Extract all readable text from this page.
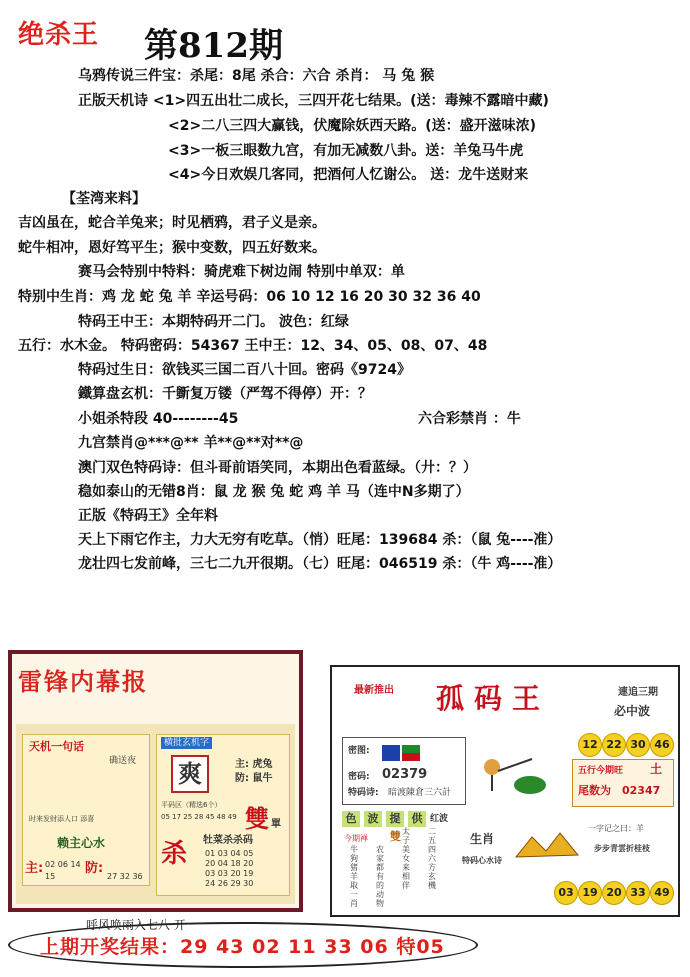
绝杀王 第812期
乌鸦传说三件宝：杀尾：8尾 杀合：六合 杀肖： 马 兔 猴
正版天机诗 <1>四五出壮二成长，三四开花七结果。(送：毒辣不露暗中藏)
<2>二八三四大赢钱，伏魔除妖西天路。(送：盛开滋味浓)
<3>一板三眼数九宫，有加无减数八卦。送：羊兔马牛虎
<4>今日欢娱几客同，把酒何人忆谢公。 送：龙牛送财来
【荃湾来料】
吉凶虽在，蛇合羊兔来；时见栖鸦，君子义是亲。
蛇牛相冲，恩好笃平生；猴中变数，四五好数来。
赛马会特别中特料：骑虎难下树边闹 特别中单双：单
特别中生肖：鸡 龙 蛇 兔 羊 辛运号码：06 10 12 16 20 30 32 36 40
特码王中王：本期特码开二门。 波色：红绿
五行：水木金。 特码密码：54367 王中王：12、34、05、08、07、48
特码过生日：欲钱买三国二百八十回。密码《9724》
鐵算盘玄机：千斵复万镂（严驾不得停）开：？
小姐杀特段 40--------45	六合彩禁肖 ：牛
九宫禁肖@***@** 羊**@**对**@
澳门双色特码诗：但斗哥前语笑同，本期出色看蓝绿。（廾：？）
稳如泰山的无错8肖：鼠 龙 猴 兔 蛇 鸡 羊 马（连中N多期了）
正版《特码王》全年料
天上下雨它作主，力大无穷有吃草。（悄）旺尾：139684 杀：（鼠 兔----准）
龙壮四七发前峰，三七二九开很期。（七）旺尾：046519 杀：（牛 鸡----准）
雷锋内幕报
天机一句话
确送夜
时来发财添人口 添喜
赖主心水
主: 02 06 14 15
防:
27 32 36
横批玄机字
爽	主: 虎兔
防: 鼠牛
平码区（精选6个）
05 17 25 28 45 48 49 雙 單
杀 牡菜杀杀码
01 03 04 05
20 04 18 20
03 03 20 19
24 26 29 30
最新推出 孤码王	連追三期
必中波
12 22 30 46
密图:
密码: 02379
特码诗: 暗渡陳倉三六計
五行今期旺 土
尾数为 02347
色	波	提	供 红波
今期禅 雙
牛狗猪羊取一肖
农家都有的动物
太子美女来相伴
二五四六方玄機
生肖
特码心水诗
一字记之曰：羊
步步青雲折桂枝
03 19 20 33 49
呼风唤雨入七八 开
上期开奖结果：29 43 02 11 33 06 特05
